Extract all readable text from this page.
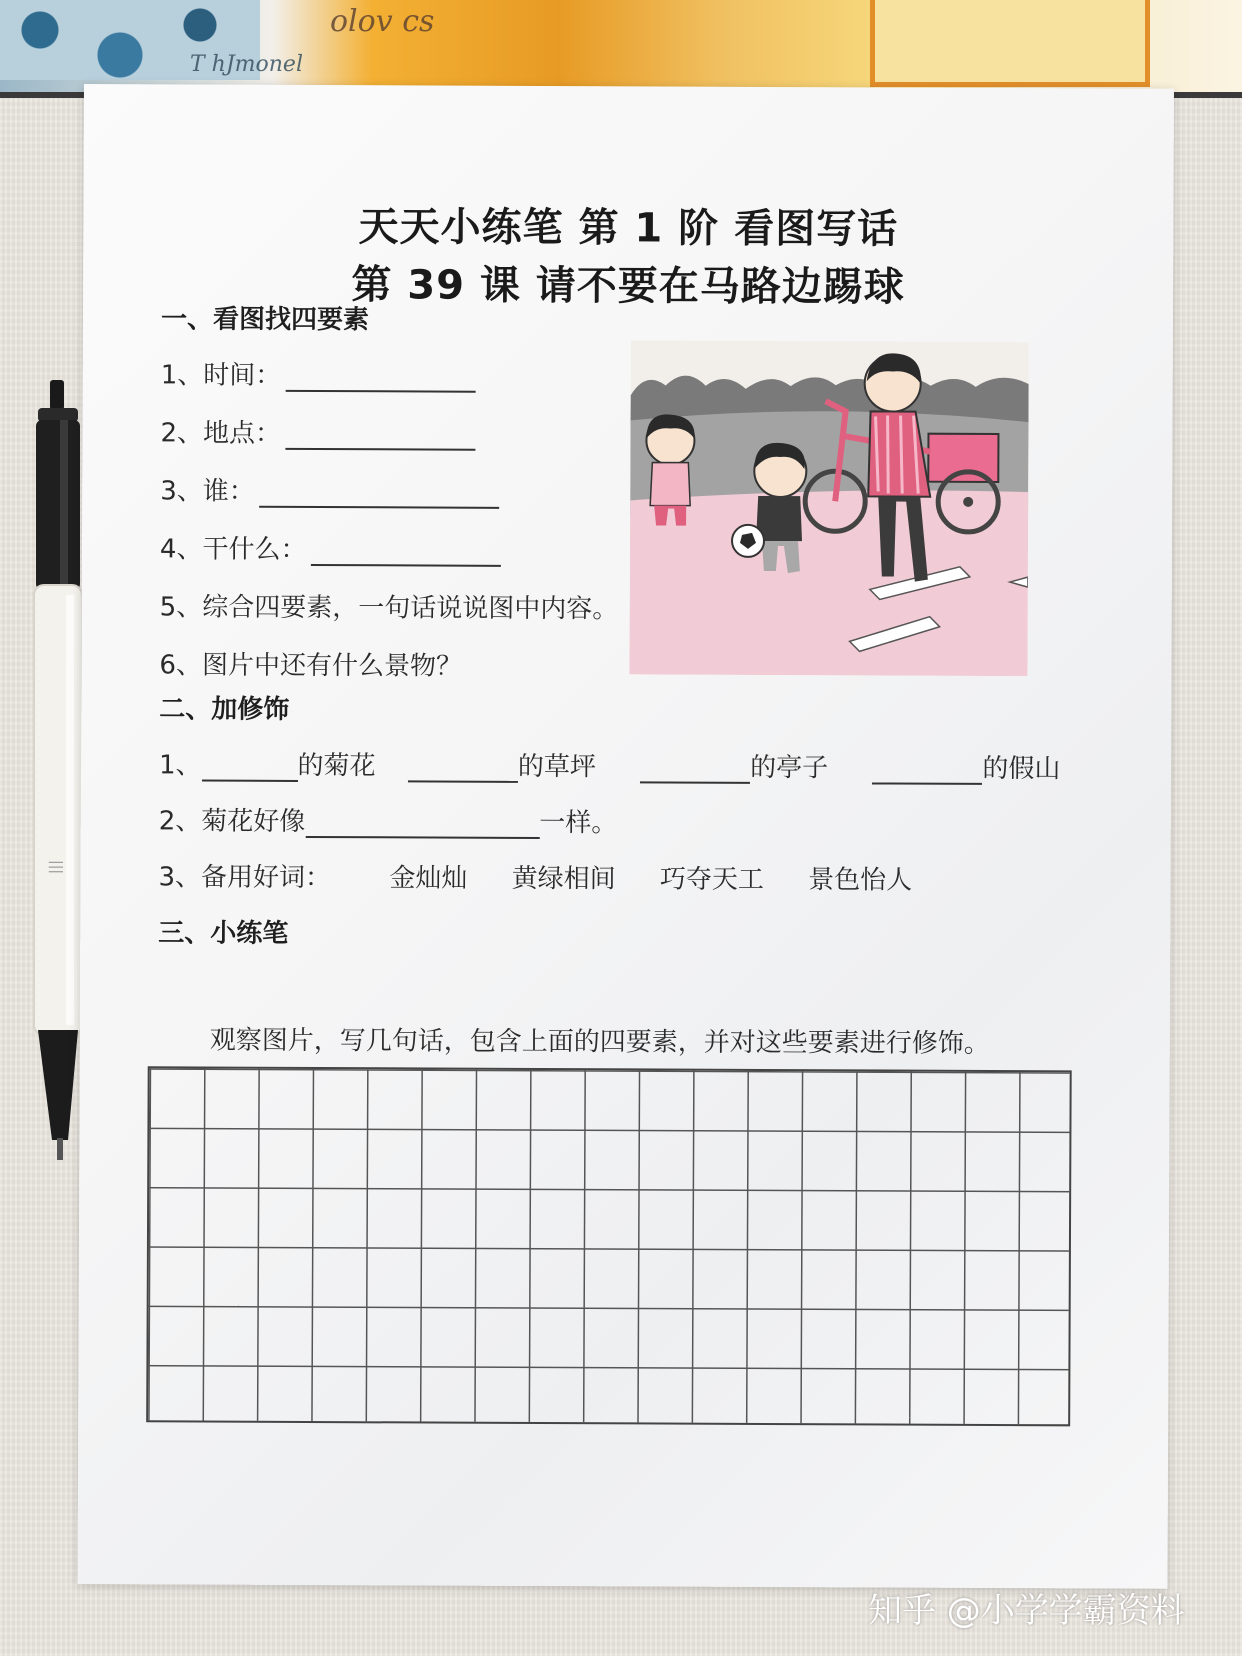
olov cs
T hJmonel
|||
天天小练笔 第 1 阶 看图写话
第 39 课 请不要在马路边踢球
一、看图找四要素
1、时间：
2、地点：
3、谁：
4、干什么：
5、综合四要素，一句话说说图中内容。
6、图片中还有什么景物？
二、加修饰
1、	的菊花	的草坪	的亭子	的假山
2、菊花好像	一样。
3、备用好词： 金灿灿 黄绿相间 巧夺天工 景色怡人
三、小练笔
观察图片，写几句话，包含上面的四要素，并对这些要素进行修饰。
知乎 @小学学霸资料
